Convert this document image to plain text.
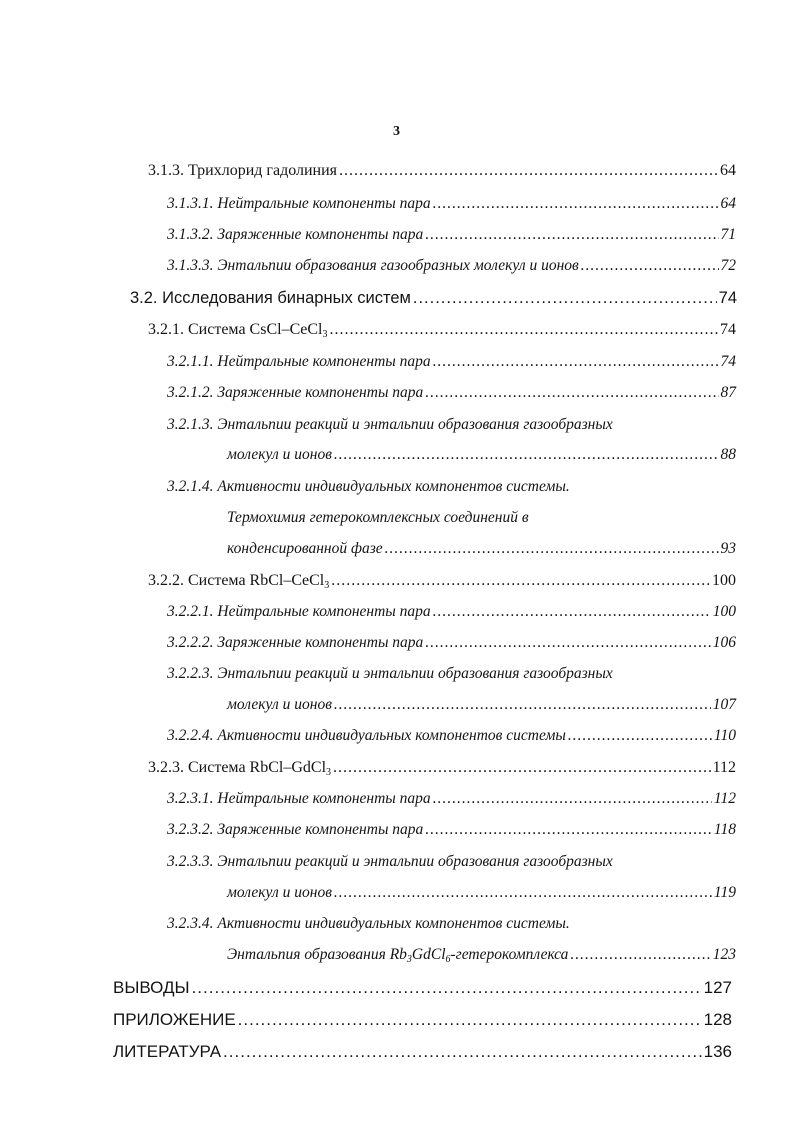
3
3.1.3. Трихлорид гадолиния .....	64
3.1.3.1. Нейтральные компоненты пара .....	64
3.1.3.2. Заряженные компоненты пара .....	71
3.1.3.3. Энтальпии образования газообразных молекул и ионов .....	72
3.2. Исследования бинарных систем .....	74
3.2.1. Система CsCl–CeCl$_3$ .....	74
3.2.1.1. Нейтральные компоненты пара .....	74
3.2.1.2. Заряженные компоненты пара .....	87
3.2.1.3. Энтальпии реакций и энтальпии образования газообразных
молекул и ионов .....	88
3.2.1.4. Активности индивидуальных компонентов системы.
Термохимия гетерокомплексных соединений в
конденсированной фазе .....	93
3.2.2. Система RbCl–CeCl$_3$ .....	100
3.2.2.1. Нейтральные компоненты пара .....	100
3.2.2.2. Заряженные компоненты пара .....	106
3.2.2.3. Энтальпии реакций и энтальпии образования газообразных
молекул и ионов .....	107
3.2.2.4. Активности индивидуальных компонентов системы .....	110
3.2.3. Система RbCl–GdCl$_3$ .....	112
3.2.3.1. Нейтральные компоненты пара .....	112
3.2.3.2. Заряженные компоненты пара .....	118
3.2.3.3. Энтальпии реакций и энтальпии образования газообразных
молекул и ионов .....	119
3.2.3.4. Активности индивидуальных компонентов системы.
Энтальпия образования $Rb_3GdCl_6$-гетерокомплекса .....	123
ВЫВОДЫ .....	127
ПРИЛОЖЕНИЕ .....	128
ЛИТЕРАТУРА .....	136
